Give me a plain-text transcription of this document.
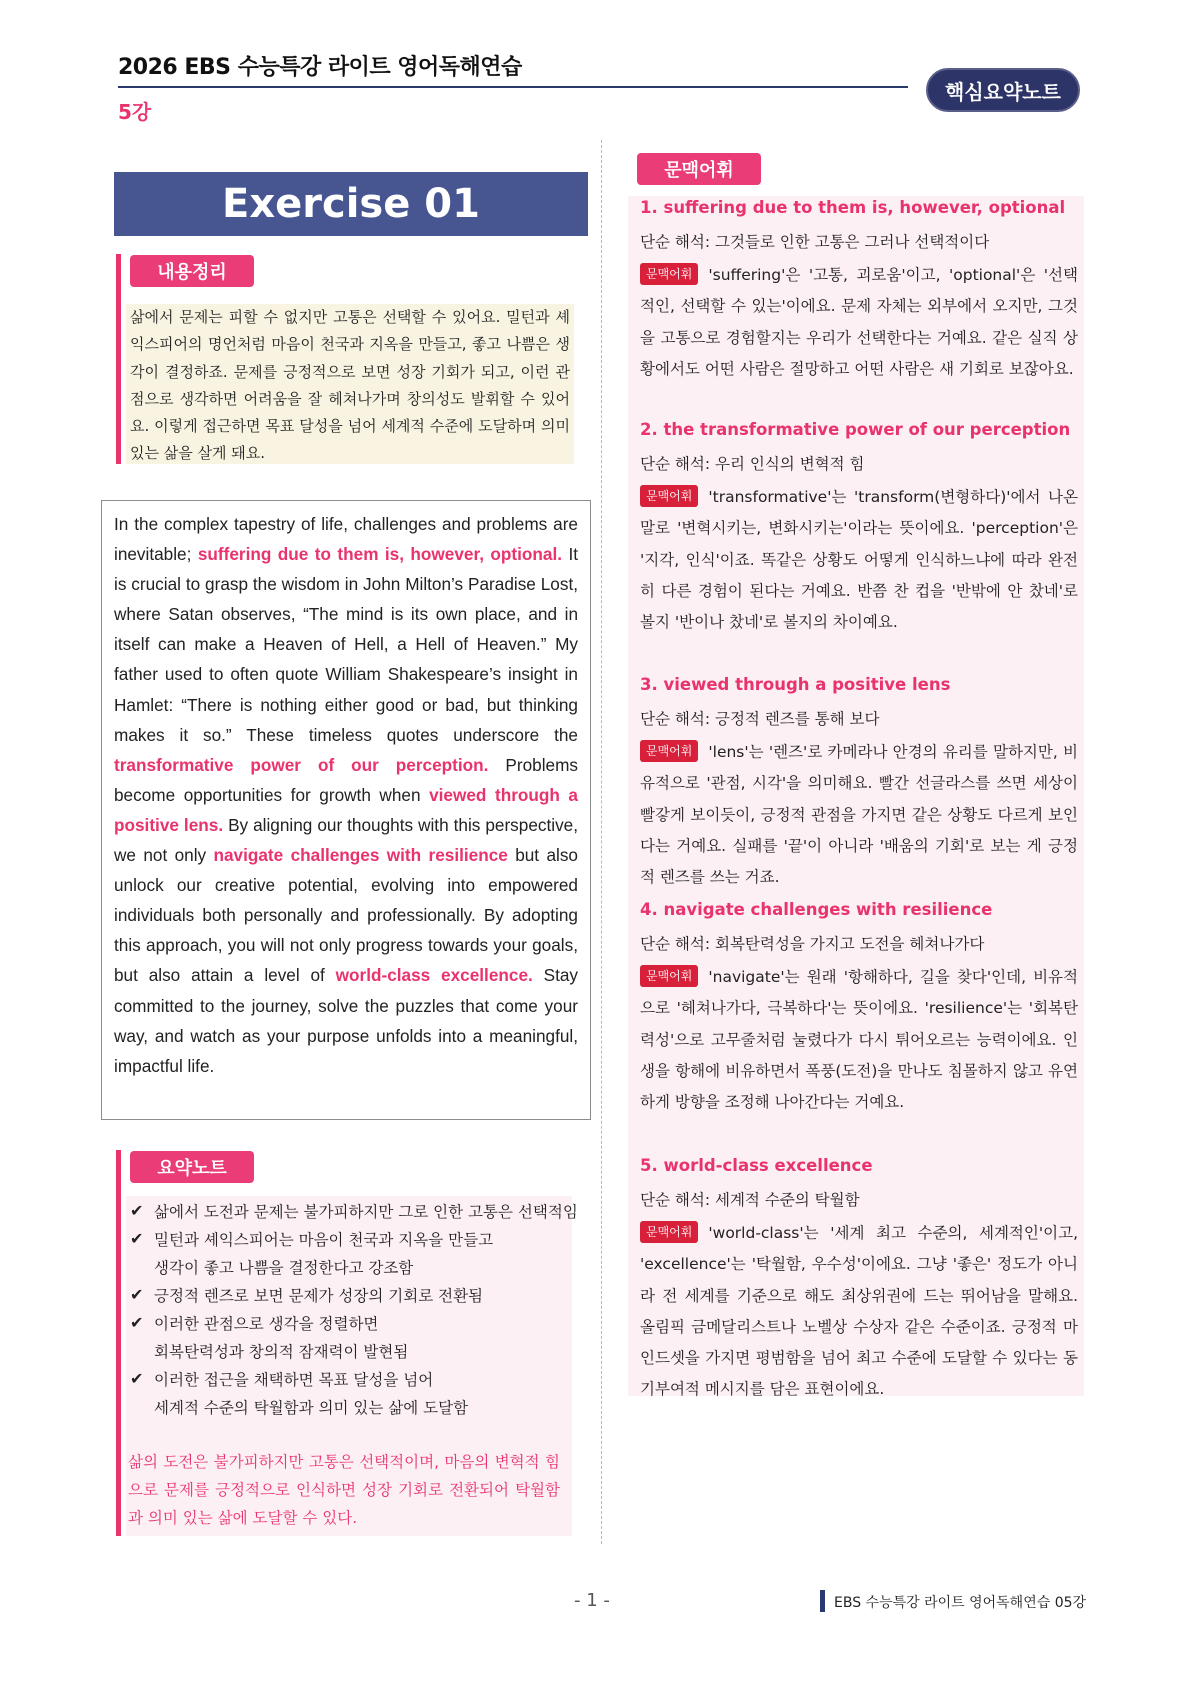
2026 EBS 수능특강 라이트 영어독해연습
5강
핵심요약노트
Exercise 01
내용정리
삶에서 문제는 피할 수 없지만 고통은 선택할 수 있어요. 밀턴과 셰익스피어의 명언처럼 마음이 천국과 지옥을 만들고, 좋고 나쁨은 생각이 결정하죠. 문제를 긍정적으로 보면 성장 기회가 되고, 이런 관점으로 생각하면 어려움을 잘 헤쳐나가며 창의성도 발휘할 수 있어요. 이렇게 접근하면 목표 달성을 넘어 세계적 수준에 도달하며 의미 있는 삶을 살게 돼요.
In the complex tapestry of life, challenges and problems are inevitable; suffering due to them is, however, optional. It is crucial to grasp the wisdom in John Milton’s Paradise Lost, where Satan observes, “The mind is its own place, and in itself can make a Heaven of Hell, a Hell of Heaven.” My father used to often quote William Shakespeare’s insight in Hamlet: “There is nothing either good or bad, but thinking makes it so.” These timeless quotes underscore the transformative power of our perception. Problems become opportunities for growth when viewed through a positive lens. By aligning our thoughts with this perspective, we not only navigate challenges with resilience but also unlock our creative potential, evolving into empowered individuals both personally and professionally. By adopting this approach, you will not only progress towards your goals, but also attain a level of world-class excellence. Stay committed to the journey, solve the puzzles that come your way, and watch as your purpose unfolds into a meaningful, impactful life.
요약노트
✔ 삶에서 도전과 문제는 불가피하지만 그로 인한 고통은 선택적임
✔ 밀턴과 셰익스피어는 마음이 천국과 지옥을 만들고
생각이 좋고 나쁨을 결정한다고 강조함
✔ 긍정적 렌즈로 보면 문제가 성장의 기회로 전환됨
✔ 이러한 관점으로 생각을 정렬하면
회복탄력성과 창의적 잠재력이 발현됨
✔ 이러한 접근을 채택하면 목표 달성을 넘어
세계적 수준의 탁월함과 의미 있는 삶에 도달함
삶의 도전은 불가피하지만 고통은 선택적이며, 마음의 변혁적 힘으로 문제를 긍정적으로 인식하면 성장 기회로 전환되어 탁월함과 의미 있는 삶에 도달할 수 있다.
문맥어휘
1. suffering due to them is, however, optional
단순 해석: 그것들로 인한 고통은 그러나 선택적이다
문맥어휘 'suffering'은 '고통, 괴로움'이고, 'optional'은 '선택적인, 선택할 수 있는'이에요. 문제 자체는 외부에서 오지만, 그것을 고통으로 경험할지는 우리가 선택한다는 거예요. 같은 실직 상황에서도 어떤 사람은 절망하고 어떤 사람은 새 기회로 보잖아요.
2. the transformative power of our perception
단순 해석: 우리 인식의 변혁적 힘
문맥어휘 'transformative'는 'transform(변형하다)'에서 나온 말로 '변혁시키는, 변화시키는'이라는 뜻이에요. 'perception'은 '지각, 인식'이죠. 똑같은 상황도 어떻게 인식하느냐에 따라 완전히 다른 경험이 된다는 거예요. 반쯤 찬 컵을 '반밖에 안 찼네'로 볼지 '반이나 찼네'로 볼지의 차이예요.
3. viewed through a positive lens
단순 해석: 긍정적 렌즈를 통해 보다
문맥어휘 'lens'는 '렌즈'로 카메라나 안경의 유리를 말하지만, 비유적으로 '관점, 시각'을 의미해요. 빨간 선글라스를 쓰면 세상이 빨갛게 보이듯이, 긍정적 관점을 가지면 같은 상황도 다르게 보인다는 거예요. 실패를 '끝'이 아니라 '배움의 기회'로 보는 게 긍정적 렌즈를 쓰는 거죠.
4. navigate challenges with resilience
단순 해석: 회복탄력성을 가지고 도전을 헤쳐나가다
문맥어휘 'navigate'는 원래 '항해하다, 길을 찾다'인데, 비유적으로 '헤쳐나가다, 극복하다'는 뜻이에요. 'resilience'는 '회복탄력성'으로 고무줄처럼 눌렸다가 다시 튀어오르는 능력이에요. 인생을 항해에 비유하면서 폭풍(도전)을 만나도 침몰하지 않고 유연하게 방향을 조정해 나아간다는 거예요.
5. world-class excellence
단순 해석: 세계적 수준의 탁월함
문맥어휘 'world-class'는 '세계 최고 수준의, 세계적인'이고, 'excellence'는 '탁월함, 우수성'이에요. 그냥 '좋은' 정도가 아니라 전 세계를 기준으로 해도 최상위권에 드는 뛰어남을 말해요. 올림픽 금메달리스트나 노벨상 수상자 같은 수준이죠. 긍정적 마인드셋을 가지면 평범함을 넘어 최고 수준에 도달할 수 있다는 동기부여적 메시지를 담은 표현이에요.
- 1 -	EBS 수능특강 라이트 영어독해연습 05강
